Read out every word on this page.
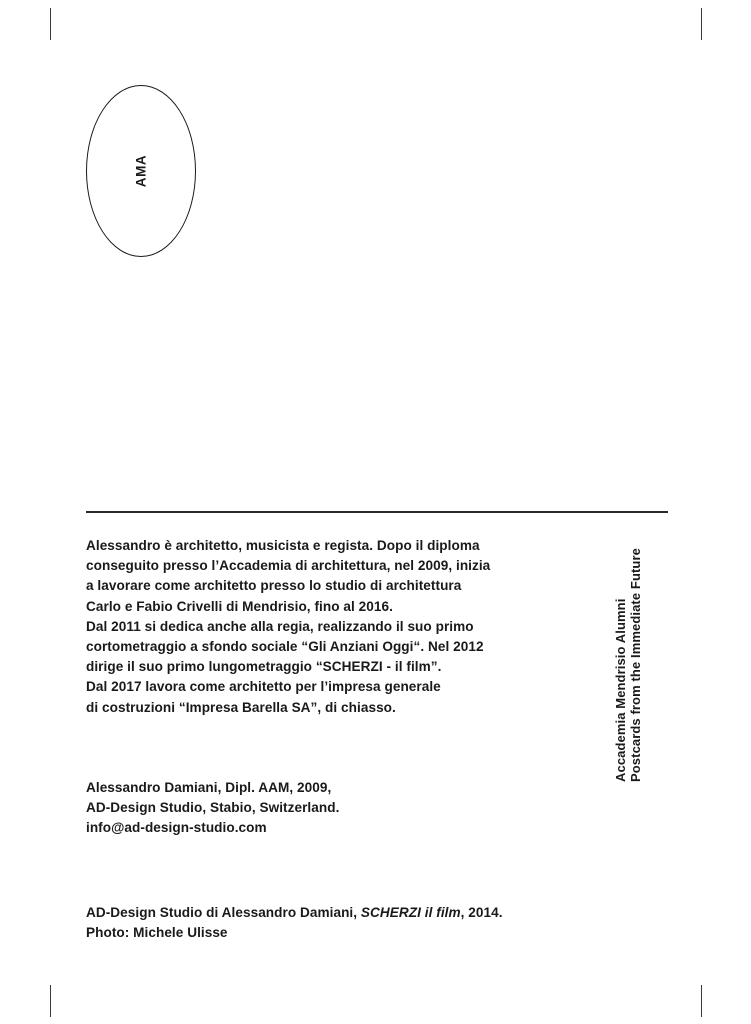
AMA
Accademia Mendrisio Alumni Postcards from the Immediate Future

Alessandro è architetto, musicista e regista. Dopo il diploma

conseguito presso l’Accademia di architettura, nel 2009, inizia

a lavorare come architetto presso lo studio di architettura

Carlo e Fabio Crivelli di Mendrisio, fino al 2016.

Dal 2011 si dedica anche alla regia, realizzando il suo primo

cortometraggio a sfondo sociale “Gli Anziani Oggi“. Nel 2012

dirige il suo primo lungometraggio “SCHERZI - il film”.

Dal 2017 lavora come architetto per l’impresa generale

di costruzioni “Impresa Barella SA”, di chiasso.

Alessandro Damiani, Dipl. AAM, 2009,

AD-Design Studio, Stabio, Switzerland.

info@ad-design-studio.com

AD-Design Studio di Alessandro Damiani, SCHERZI il film, 2014.

Photo: Michele Ulisse
